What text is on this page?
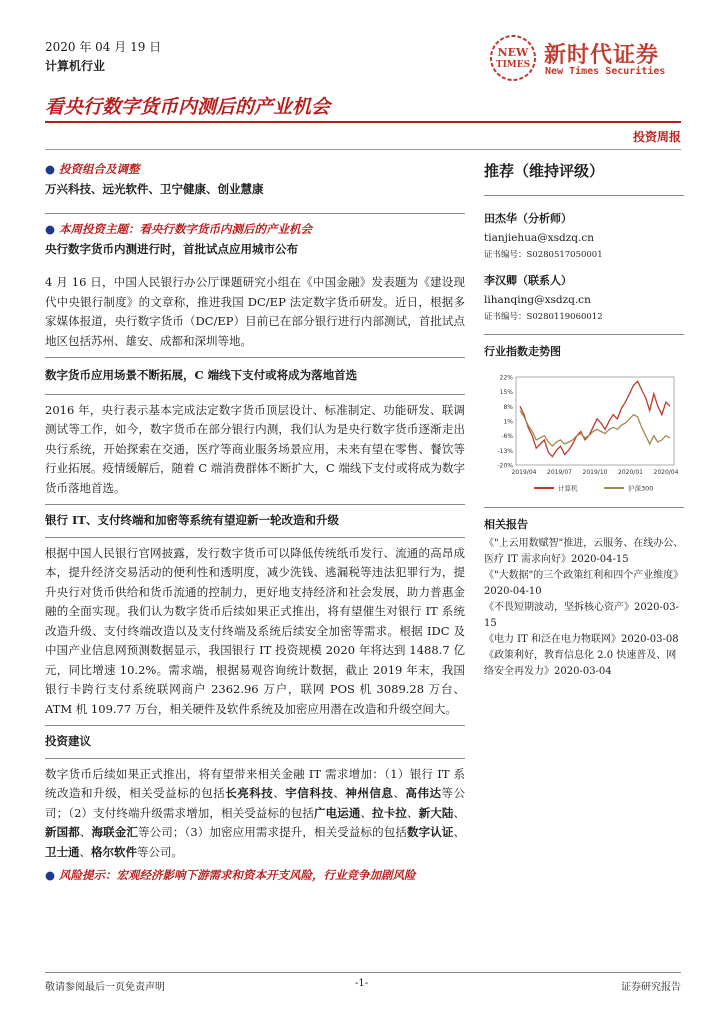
2020 年 04 月 19 日
计算机行业
NEW
TIMES 新时代证券
New Times Securities
看央行数字货币内测后的产业机会
投资周报
● 投资组合及调整
万兴科技、远光软件、卫宁健康、创业慧康
● 本周投资主题：看央行数字货币内测后的产业机会
央行数字货币内测进行时，首批试点应用城市公布

4 月 16 日，中国人民银行办公厅课题研究小组在《中国金融》发表题为《建设现代中央银行制度》的文章称，推进我国 DC/EP 法定数字货币研发。近日，根据多家媒体报道，央行数字货币（DC/EP）目前已在部分银行进行内部测试，首批试点地区包括苏州、雄安、成都和深圳等地。

数字货币应用场景不断拓展，C 端线下支付或将成为落地首选

2016 年，央行表示基本完成法定数字货币顶层设计、标准制定、功能研发、联调测试等工作，如今，数字货币在部分银行内测，我们认为是央行数字货币逐渐走出央行系统，开始探索在交通，医疗等商业服务场景应用，未来有望在零售、餐饮等行业拓展。疫情缓解后，随着 C 端消费群体不断扩大，C 端线下支付或将成为数字货币落地首选。

银行 IT、支付终端和加密等系统有望迎新一轮改造和升级

根据中国人民银行官网披露，发行数字货币可以降低传统纸币发行、流通的高昂成本，提升经济交易活动的便利性和透明度，减少洗钱、逃漏税等违法犯罪行为，提升央行对货币供给和货币流通的控制力，更好地支持经济和社会发展，助力普惠金融的全面实现。我们认为数字货币后续如果正式推出，将有望催生对银行 IT 系统改造升级、支付终端改造以及支付终端及系统后续安全加密等需求。根据 IDC 及中国产业信息网预测数据显示，我国银行 IT 投资规模 2020 年将达到 1488.7 亿元，同比增速 10.2%。需求端，根据易观咨询统计数据，截止 2019 年末，我国银行卡跨行支付系统联网商户 2362.96 万户，联网 POS 机 3089.28 万台、ATM 机 109.77 万台，相关硬件及软件系统及加密应用潜在改造和升级空间大。

投资建议

数字货币后续如果正式推出，将有望带来相关金融 IT 需求增加：（1）银行 IT 系统改造和升级，相关受益标的包括长亮科技、宇信科技、神州信息、高伟达等公司；（2）支付终端升级需求增加，相关受益标的包括广电运通、拉卡拉、新大陆、新国都、海联金汇等公司；（3）加密应用需求提升，相关受益标的包括数字认证、卫士通、格尔软件等公司。

● 风险提示：宏观经济影响下游需求和资本开支风险，行业竞争加剧风险
推荐（维持评级）
田杰华（分析师）
tianjiehua@xsdzq.cn
证书编号：S0280517050001
李汉卿（联系人）
lihanqing@xsdzq.cn
证书编号：S0280119060012
行业指数走势图
22%
15%
8%
1%
-6%
-13%
-20%
2019/04 2019/07 2019/10 2020/01 2020/04
计算机	沪深300
相关报告
《"上云用数赋智"推进，云服务、在线办公、医疗 IT 需求向好》2020-04-15
《"大数据"的三个政策红利和四个产业维度》2020-04-10
《不畏短期波动，坚拆核心资产》2020-03-15
《电力 IT 和泛在电力物联网》2020-03-08
《政策利好，教育信息化 2.0 快速普及、网络安全再发力》2020-03-04
敬请参阅最后一页免责声明	-1-	证券研究报告
